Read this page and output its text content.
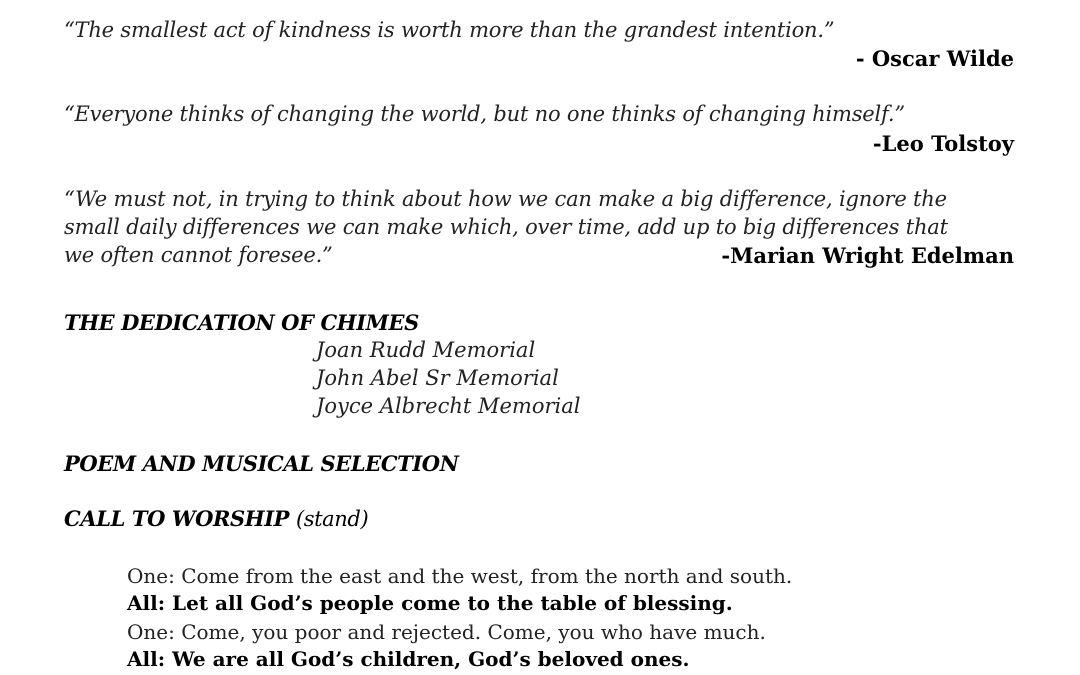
“The smallest act of kindness is worth more than the grandest intention.”
- Oscar Wilde
“Everyone thinks of changing the world, but no one thinks of changing himself.”
-Leo Tolstoy
“We must not, in trying to think about how we can make a big difference, ignore the
small daily differences we can make which, over time, add up to big differences that
we often cannot foresee.”	-Marian Wright Edelman
THE DEDICATION OF CHIMES
Joan Rudd Memorial
John Abel Sr Memorial
Joyce Albrecht Memorial
POEM AND MUSICAL SELECTION
CALL TO WORSHIP (stand)
One: Come from the east and the west, from the north and south.
All: Let all God’s people come to the table of blessing.
One: Come, you poor and rejected. Come, you who have much.
All: We are all God’s children, God’s beloved ones.
